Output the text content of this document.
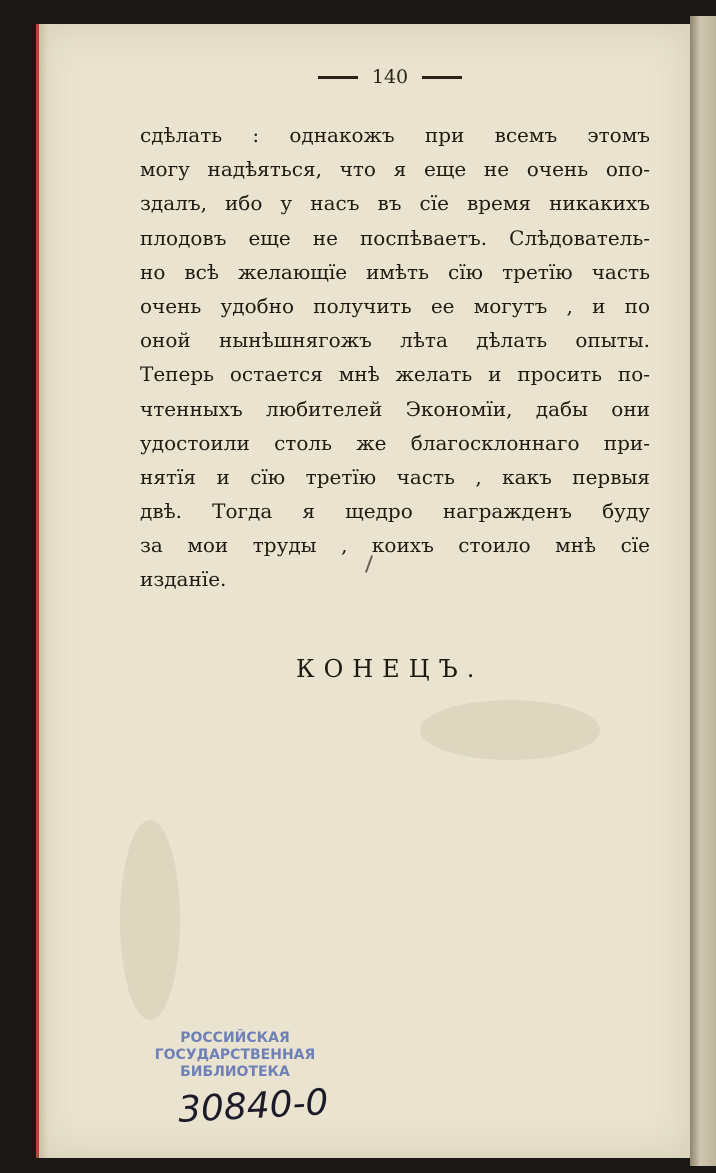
140
сдѣлать : однакожъ при всемъ этомъ
могу надѣяться, что я еще не очень опо-
здалъ, ибо у насъ въ сïе время никакихъ
плодовъ еще не поспѣваетъ. Слѣдователь-
но всѣ желающïе имѣть сïю третïю часть
очень удобно получить ее могутъ , и по
оной нынѣшнягожъ лѣта дѣлать опыты.
Теперь остается мнѣ желать и просить по-
чтенныхъ любителей Экономïи, дабы они
удостоили столь же благосклоннаго при-
нятïя и сïю третïю часть , какъ первыя
двѣ. Тогда я щедро награжденъ буду
за мои труды , коихъ стоило мнѣ сïе
изданïе.
КОНЕЦЪ.
РОССИЙСКАЯ
ГОСУДАРСТВЕННАЯ
БИБЛИОТЕКА
30840-0
